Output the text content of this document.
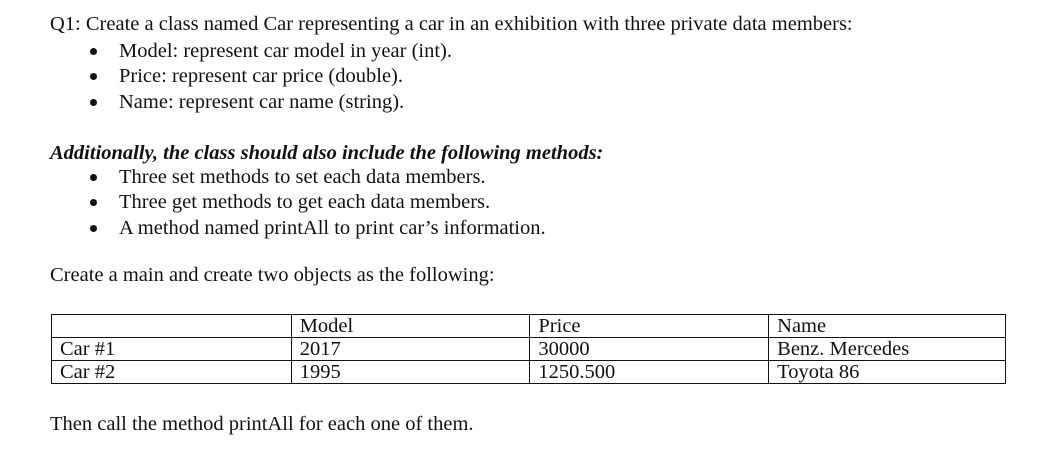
Q1: Create a class named Car representing a car in an exhibition with three private data members:
Model: represent car model in year (int).
Price: represent car price (double).
Name: represent car name (string).
Additionally, the class should also include the following methods:
Three set methods to set each data members.
Three get methods to get each data members.
A method named printAll to print car’s information.
Create a main and create two objects as the following:
	Model	Price	Name
Car #1	2017	30000	Benz. Mercedes
Car #2	1995	1250.500	Toyota 86
Then call the method printAll for each one of them.
